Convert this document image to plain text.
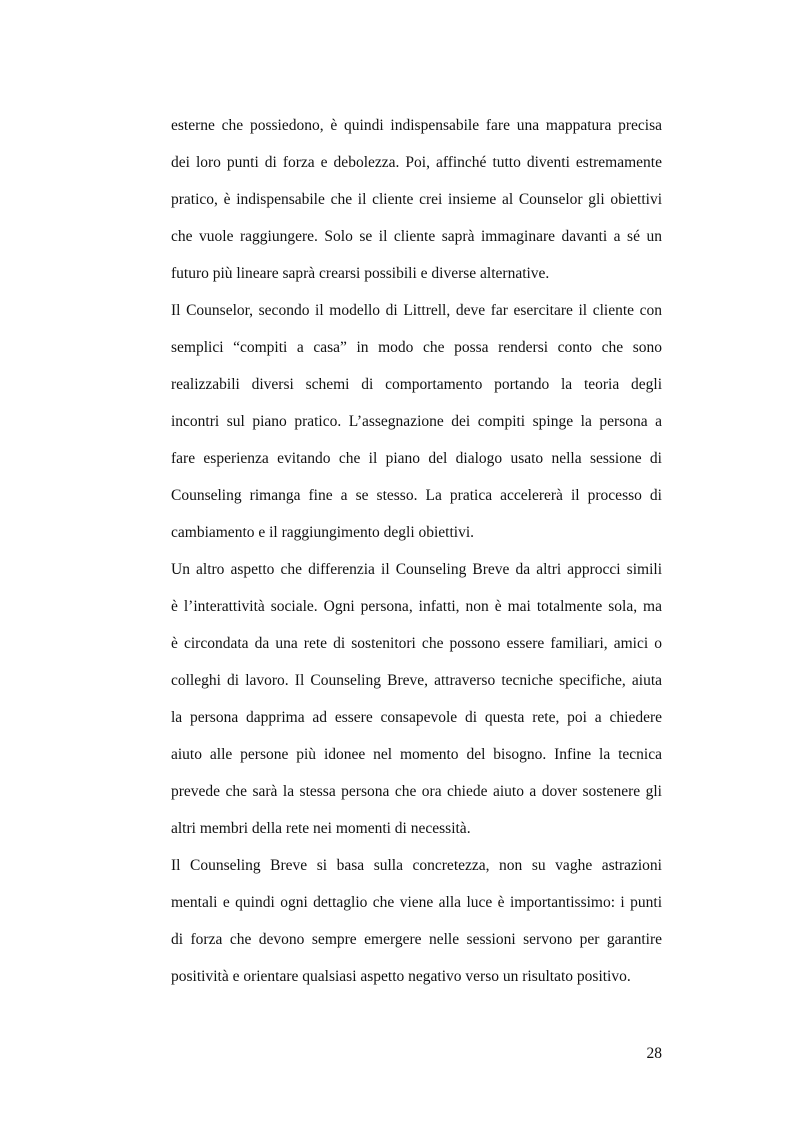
esterne che possiedono, è quindi indispensabile fare una mappatura precisa
dei loro punti di forza e debolezza. Poi, affinché tutto diventi estremamente
pratico, è indispensabile che il cliente crei insieme al Counselor gli obiettivi
che vuole raggiungere. Solo se il cliente saprà immaginare davanti a sé un
futuro più lineare saprà crearsi possibili e diverse alternative.
Il Counselor, secondo il modello di Littrell, deve far esercitare il cliente con
semplici “compiti a casa” in modo che possa rendersi conto che sono
realizzabili diversi schemi di comportamento portando la teoria degli
incontri sul piano pratico. L’assegnazione dei compiti spinge la persona a
fare esperienza evitando che il piano del dialogo usato nella sessione di
Counseling rimanga fine a se stesso. La pratica accelererà il processo di
cambiamento e il raggiungimento degli obiettivi.
Un altro aspetto che differenzia il Counseling Breve da altri approcci simili
è l’interattività sociale. Ogni persona, infatti, non è mai totalmente sola, ma
è circondata da una rete di sostenitori che possono essere familiari, amici o
colleghi di lavoro. Il Counseling Breve, attraverso tecniche specifiche, aiuta
la persona dapprima ad essere consapevole di questa rete, poi a chiedere
aiuto alle persone più idonee nel momento del bisogno. Infine la tecnica
prevede che sarà la stessa persona che ora chiede aiuto a dover sostenere gli
altri membri della rete nei momenti di necessità.
Il Counseling Breve si basa sulla concretezza, non su vaghe astrazioni
mentali e quindi ogni dettaglio che viene alla luce è importantissimo: i punti
di forza che devono sempre emergere nelle sessioni servono per garantire
positività e orientare qualsiasi aspetto negativo verso un risultato positivo.
28
